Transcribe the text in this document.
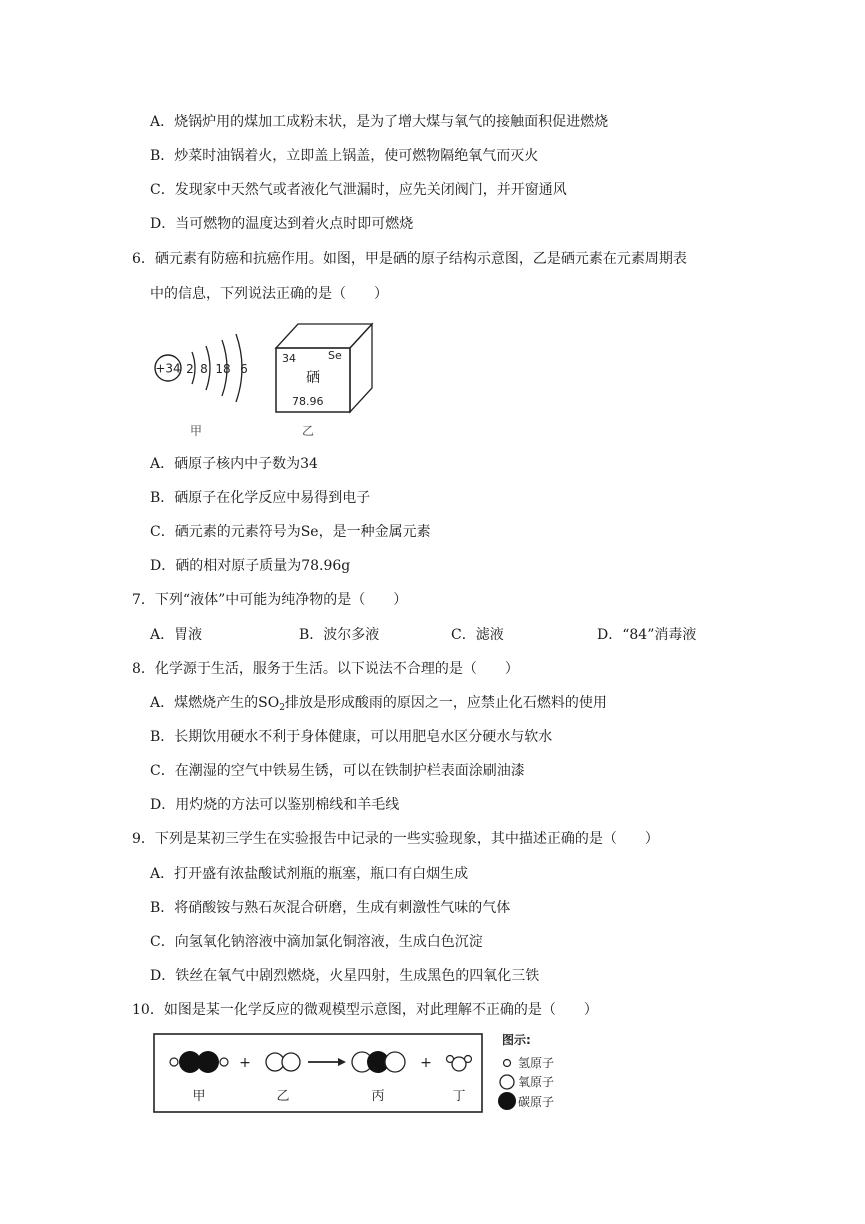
A．烧锅炉用的煤加工成粉末状，是为了增大煤与氧气的接触面积促进燃烧
B．炒菜时油锅着火，立即盖上锅盖，使可燃物隔绝氧气而灭火
C．发现家中天然气或者液化气泄漏时，应先关闭阀门，并开窗通风
D．当可燃物的温度达到着火点时即可燃烧
6．硒元素有防癌和抗癌作用。如图，甲是硒的原子结构示意图，乙是硒元素在元素周期表
中的信息，下列说法正确的是（　　）
+34 2 8 18 6
甲
34	Se
硒
78.96
乙
A．硒原子核内中子数为34
B．硒原子在化学反应中易得到电子
C．硒元素的元素符号为Se，是一种金属元素
D．硒的相对原子质量为78.96g
7．下列“液体”中可能为纯净物的是（　　）
A．胃液	B．波尔多液	C．滤液	D．“84”消毒液
8．化学源于生活，服务于生活。以下说法不合理的是（　　）
A．煤燃烧产生的$SO_2$排放是形成酸雨的原因之一，应禁止化石燃料的使用
B．长期饮用硬水不利于身体健康，可以用肥皂水区分硬水与软水
C．在潮湿的空气中铁易生锈，可以在铁制护栏表面涂刷油漆
D．用灼烧的方法可以鉴别棉线和羊毛线
9．下列是某初三学生在实验报告中记录的一些实验现象，其中描述正确的是（　　）
A．打开盛有浓盐酸试剂瓶的瓶塞，瓶口有白烟生成
B．将硝酸铵与熟石灰混合研磨，生成有刺激性气味的气体
C．向氢氧化钠溶液中滴加氯化铜溶液，生成白色沉淀
D．铁丝在氧气中剧烈燃烧，火星四射，生成黑色的四氧化三铁
10．如图是某一化学反应的微观模型示意图，对此理解不正确的是（　　）
+	+
甲	乙	丙	丁
图示:
氢原子
氧原子
碳原子
